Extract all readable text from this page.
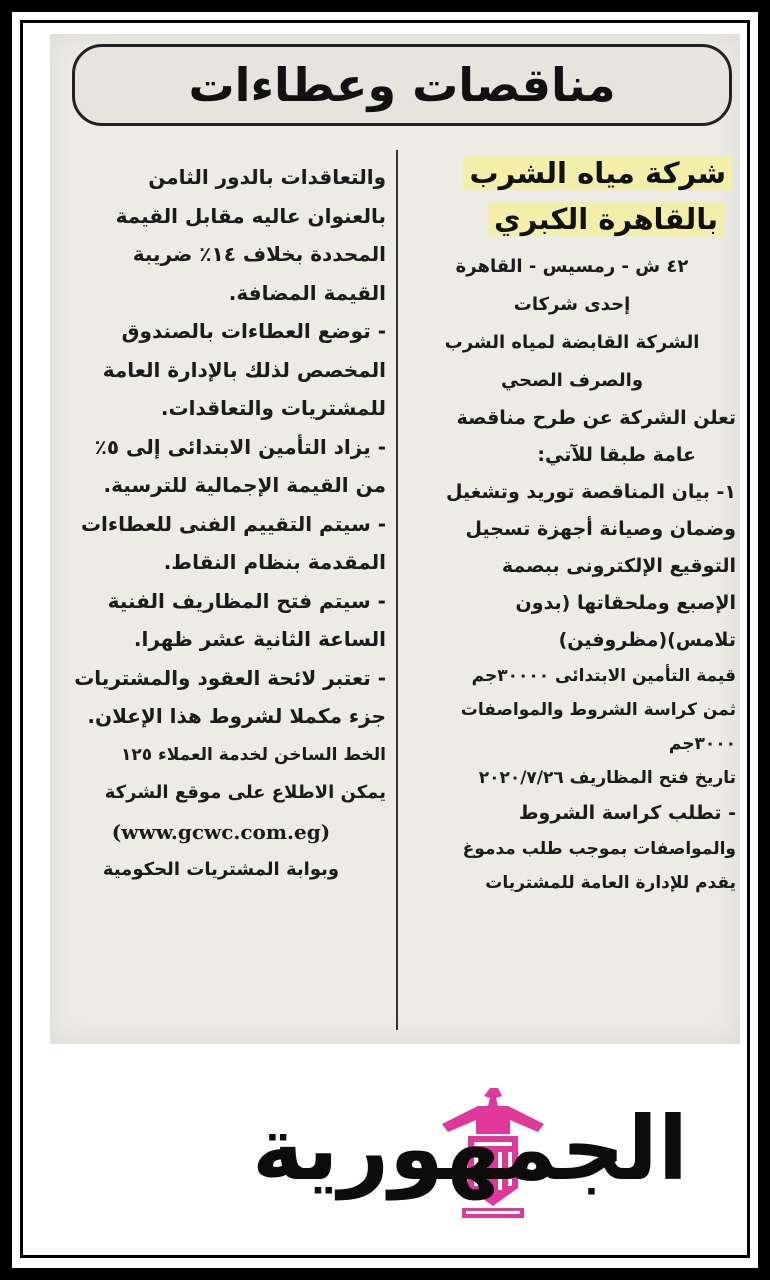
مناقصات وعطاءات
شركة مياه الشرب
بالقاهرة الكبري
٤٢ ش - رمسيس - القاهرة
إحدى شركات
الشركة القابضة لمياه الشرب
والصرف الصحي

تعلن الشركة عن طرح مناقصة

عامة طبقا للآتي:

١- بيان المناقصة توريد وتشغيل

وضمان وصيانة أجهزة تسجيل

التوقيع الإلكترونى ببصمة

الإصبع وملحقاتها (بدون

تلامس)(مظروفين)

قيمة التأمين الابتدائى ٣٠٠٠٠جم

ثمن كراسة الشروط والمواصفات ٣٠٠٠جم

تاريخ فتح المظاريف ٢٠٢٠/٧/٢٦

- تطلب كراسة الشروط

والمواصفات بموجب طلب مدموغ

يقدم للإدارة العامة للمشتريات

والتعاقدات بالدور الثامن

بالعنوان عاليه مقابل القيمة

المحددة بخلاف ١٤٪ ضريبة

القيمة المضافة.

- توضع العطاءات بالصندوق

المخصص لذلك بالإدارة العامة

للمشتريات والتعاقدات.

- يزاد التأمين الابتدائى إلى ٥٪

من القيمة الإجمالية للترسية.

- سيتم التقييم الفنى للعطاءات

المقدمة بنظام النقاط.

- سيتم فتح المظاريف الفنية

الساعة الثانية عشر ظهرا.

- تعتبر لائحة العقود والمشتريات

جزء مكملا لشروط هذا الإعلان.

الخط الساخن لخدمة العملاء ١٢٥

يمكن الاطلاع على موقع الشركة

(www.gcwc.com.eg)

وبوابة المشتريات الحكومية

الجمهورية
